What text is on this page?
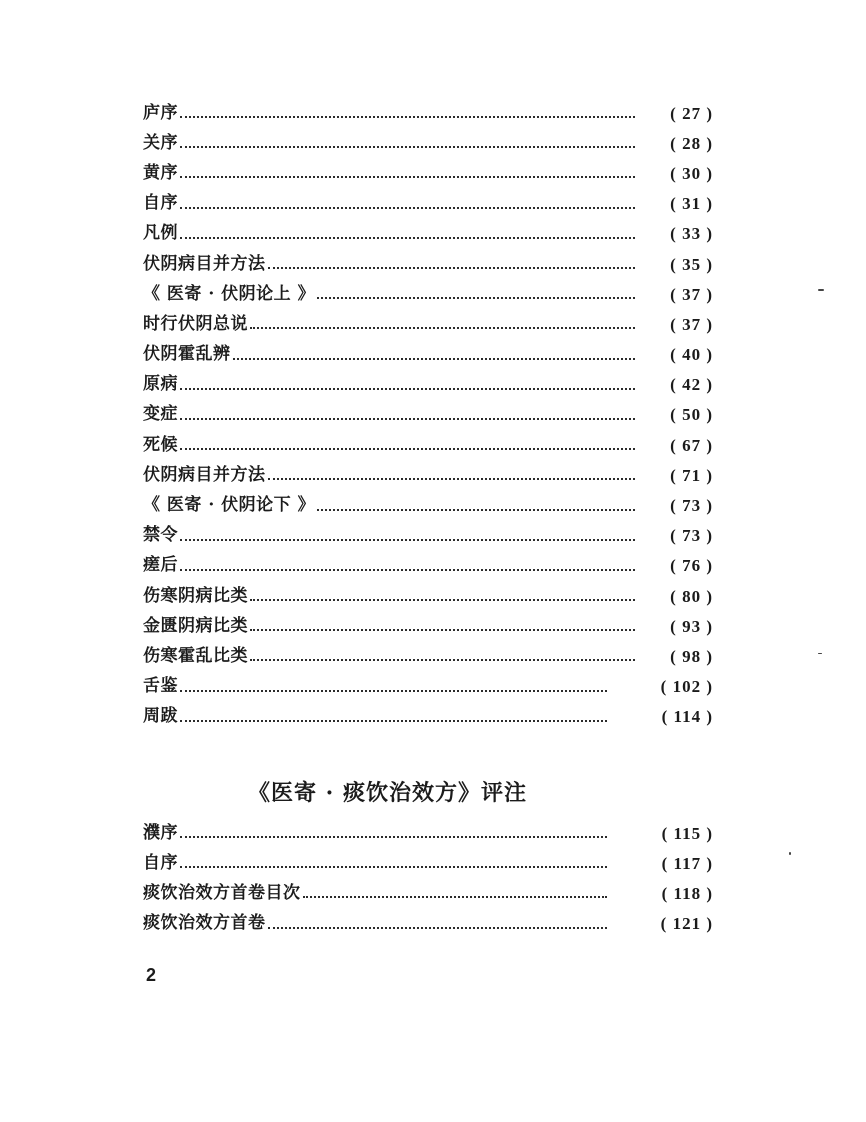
庐序	( 27 )
关序	( 28 )
黄序	( 30 )
自序	( 31 )
凡例	( 33 )
伏阴病目并方法	( 35 )
《 医寄 · 伏阴论上 》	( 37 )
时行伏阴总说	( 37 )
伏阴霍乱辨	( 40 )
原病	( 42 )
变症	( 50 )
死候	( 67 )
伏阴病目并方法	( 71 )
《 医寄 · 伏阴论下 》	( 73 )
禁令	( 73 )
瘥后	( 76 )
伤寒阴病比类	( 80 )
金匮阴病比类	( 93 )
伤寒霍乱比类	( 98 )
舌鉴	( 102 )
周跋	( 114 )
《医寄 · 痰饮治效方》评注
濮序	( 115 )
自序	( 117 )
痰饮治效方首卷目次	( 118 )
痰饮治效方首卷	( 121 )
2
